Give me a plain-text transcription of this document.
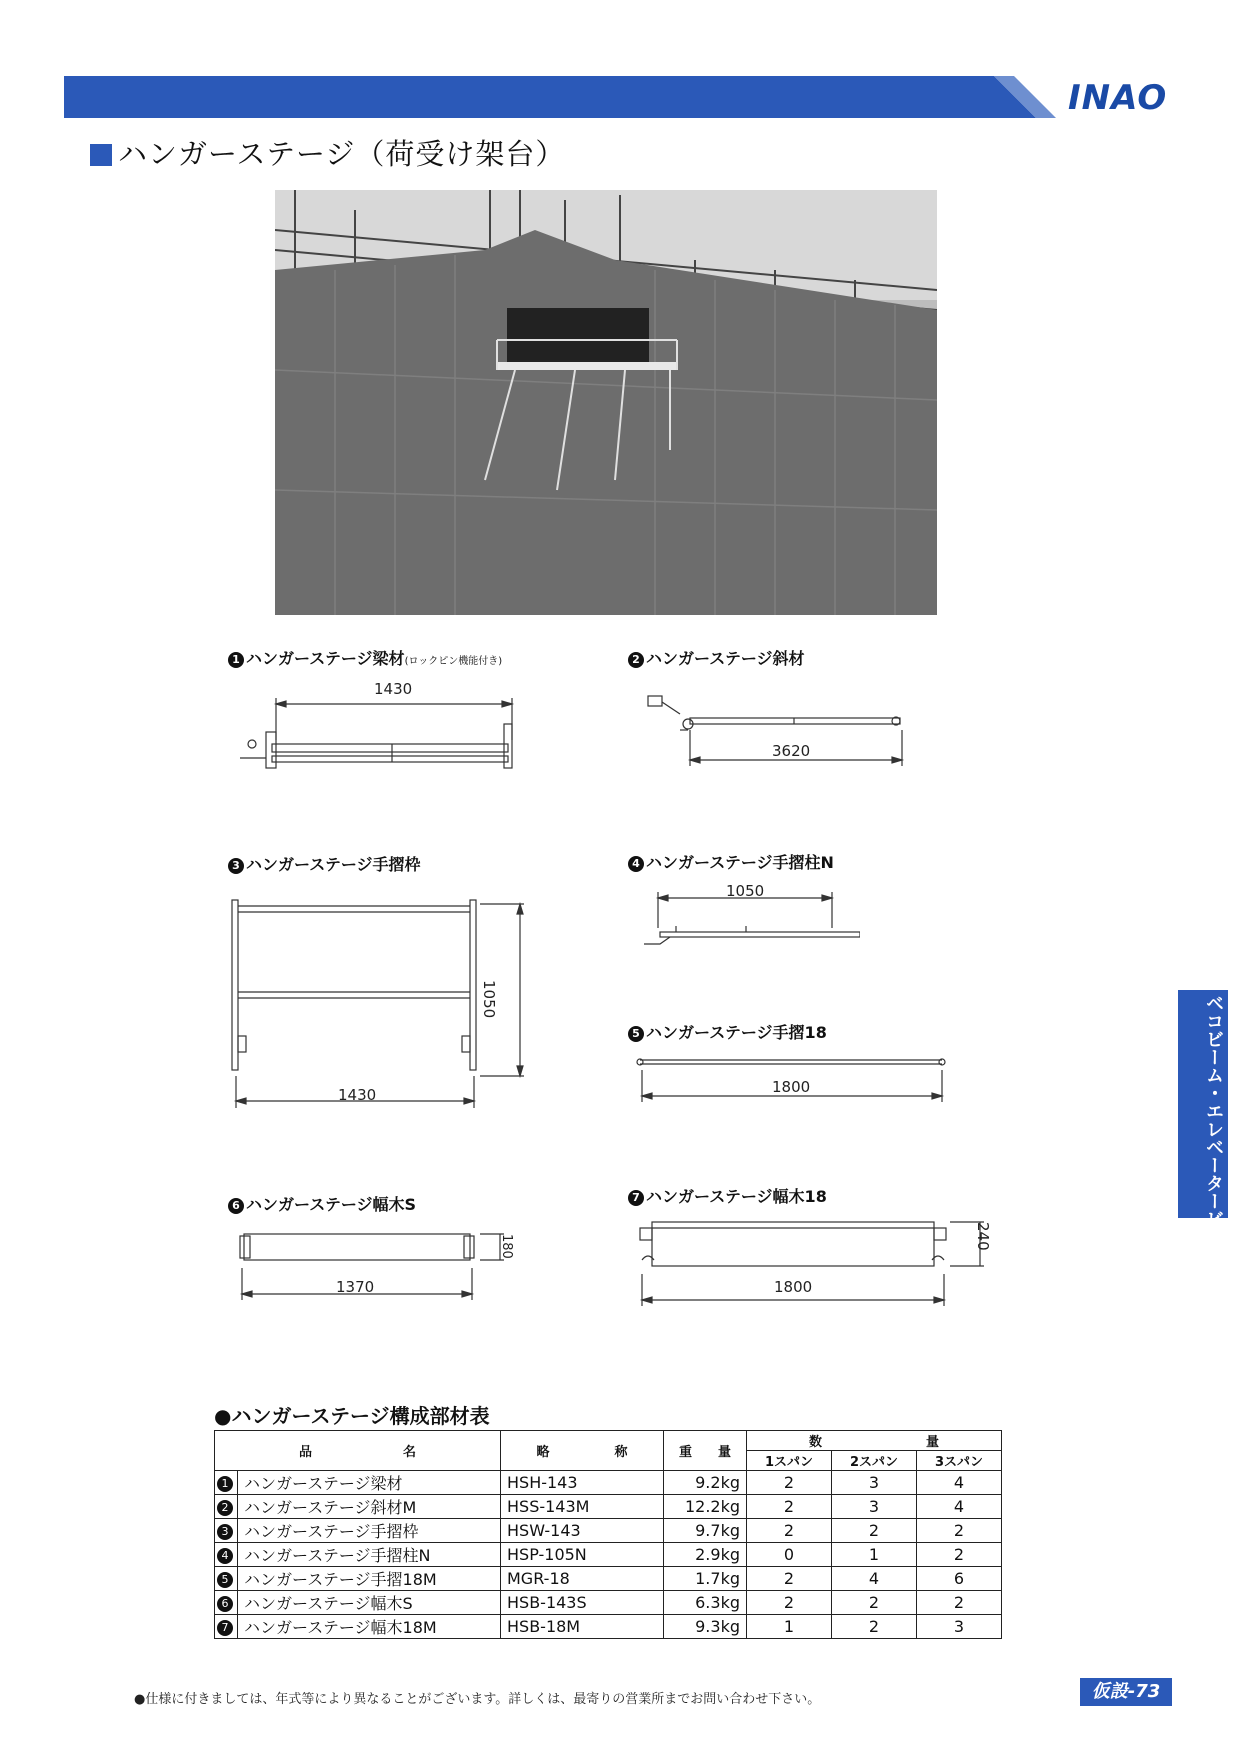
INAO
ハンガーステージ（荷受け架台）
1 ハンガーステージ梁材(ロックピン機能付き)
1430
2 ハンガーステージ斜材
3620
3 ハンガーステージ手摺枠
1430
1050
4 ハンガーステージ手摺柱N
1050
5 ハンガーステージ手摺18
1800
6 ハンガーステージ幅木S
1370
180
7 ハンガーステージ幅木18
1800
240
●ハンガーステージ構成部材表
品　　　　　　　名		略　　　　　称	重　　量	数　　　　　　　　量		
				1スパン	2スパン	3スパン
1	ハンガーステージ梁材	HSH-143	9.2kg	2	3	4
2	ハンガーステージ斜材M	HSS-143M	12.2kg	2	3	4
3	ハンガーステージ手摺枠	HSW-143	9.7kg	2	2	2
4	ハンガーステージ手摺柱N	HSP-105N	2.9kg	0	1	2
5	ハンガーステージ手摺18M	MGR-18	1.7kg	2	4	6
6	ハンガーステージ幅木S	HSB-143S	6.3kg	2	2	2
7	ハンガーステージ幅木18M	HSB-18M	9.3kg	1	2	3
ベコビーム・エレベータービーム ハンガーステージ
●仕様に付きましては、年式等により異なることがございます。詳しくは、最寄りの営業所までお問い合わせ下さい。	仮設-73
